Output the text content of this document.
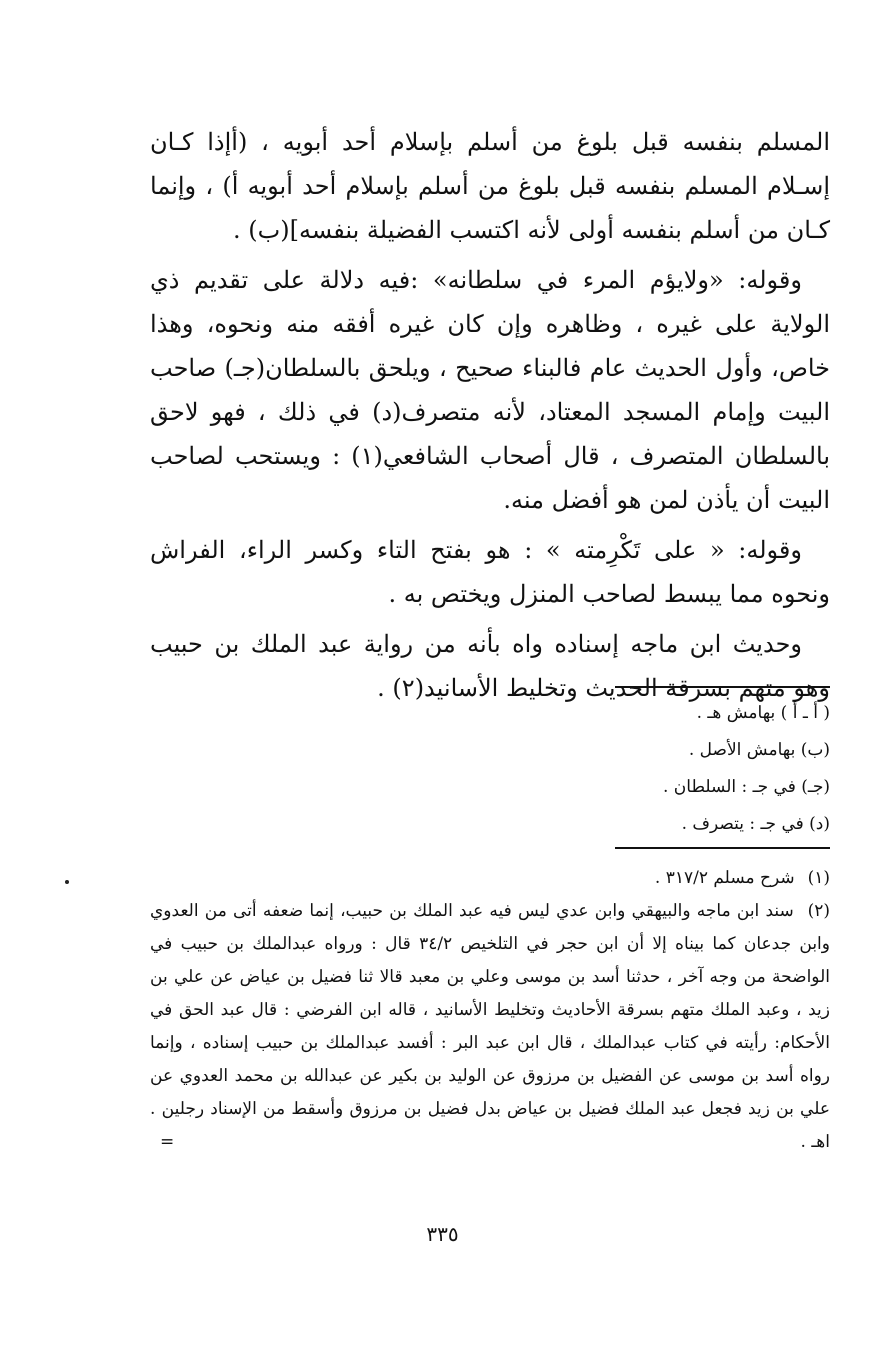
المسلم بنفسه قبل بلوغ من أسلم بإسلام أحد أبويه ، (أإذا كـان إسـلام المسلم بنفسه قبل بلوغ من أسلم بإسلام أحد أبويه أ) ، وإنما كـان من أسلم بنفسه أولى لأنه اكتسب الفضيلة بنفسه](ب) .

وقوله: «ولايؤم المرء في سلطانه» :فيه دلالة على تقديم ذي الولاية على غيره ، وظاهره وإن كان غيره أفقه منه ونحوه، وهذا خاص، وأول الحديث عام فالبناء صحيح ، ويلحق بالسلطان(جـ) صاحب البيت وإمام المسجد المعتاد، لأنه متصرف(د) في ذلك ، فهو لاحق بالسلطان المتصرف ، قال أصحاب الشافعي(١) : ويستحب لصاحب البيت أن يأذن لمن هو أفضل منه.

وقوله: « على تَكْرِمته » : هو بفتح التاء وكسر الراء، الفراش ونحوه مما يبسط لصاحب المنزل ويختص به .

وحديث ابن ماجه إسناده واه بأنه من رواية عبد الملك بن حبيب وهو متهم بسرقة الحديث وتخليط الأسانيد(٢) .

( أ ـ أ ) بهامش هـ .
(ب) بهامش الأصل .
(جـ) في جـ : السلطان .
(د) في جـ : يتصرف .

(١) شرح مسلم ٣١٧/٢ .

(٢) سند ابن ماجه والبيهقي وابن عدي ليس فيه عبد الملك بن حبيب، إنما ضعفه أتى من العدوي وابن جدعان كما بيناه إلا أن ابن حجر في التلخيص ٣٤/٢ قال : ورواه عبدالملك بن حبيب في الواضحة من وجه آخر ، حدثنا أسد بن موسى وعلي بن معبد قالا ثنا فضيل بن عياض عن علي بن زيد ، وعبد الملك متهم بسرقة الأحاديث وتخليط الأسانيد ، قاله ابن الفرضي : قال عبد الحق في الأحكام: رأيته في كتاب عبدالملك ، قال ابن عبد البر : أفسد عبدالملك بن حبيب إسناده ، وإنما رواه أسد بن موسى عن الفضيل بن مرزوق عن الوليد بن بكير عن عبدالله بن محمد العدوي عن علي بن زيد فجعل عبد الملك فضيل بن عياض بدل فضيل بن مرزوق وأسقط من الإسناد رجلين . اهـ .
=

٣٣٥
